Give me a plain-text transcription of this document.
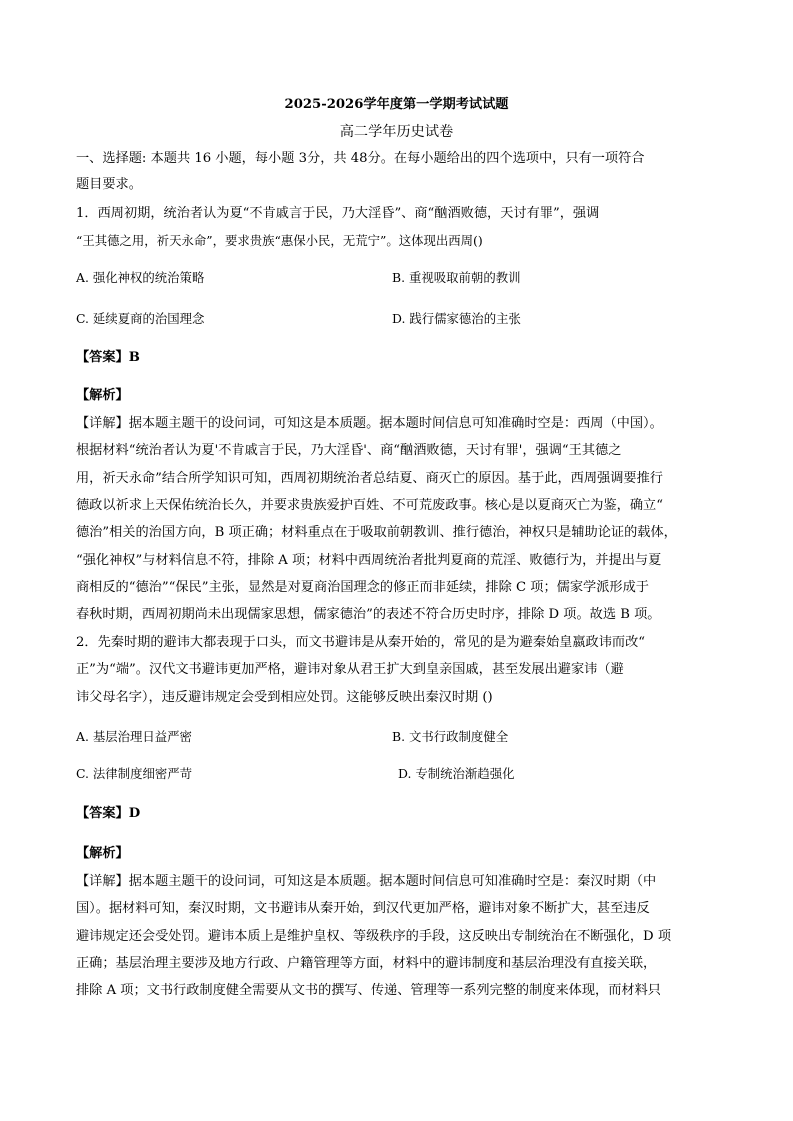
2025-2026学年度第一学期考试试题
高二学年历史试卷
一、选择题: 本题共 16 小题，每小题 3分，共 48分。在每小题给出的四个选项中，只有一项符合
题目要求。
1．西周初期，统治者认为夏“不肯戚言于民，乃大淫昏”、商“酗酒败德，天讨有罪”，强调
“王其德之用，祈天永命”，要求贵族“惠保小民，无荒宁”。这体现出西周()
A. 强化神权的统治策略	B. 重视吸取前朝的教训
C. 延续夏商的治国理念	D. 践行儒家德治的主张
【答案】B
【解析】
【详解】据本题主题干的设问词，可知这是本质题。据本题时间信息可知准确时空是：西周（中国）。
根据材料“统治者认为夏'不肯戚言于民，乃大淫昏'、商“酗酒败德，天讨有罪'，强调“王其德之
用，祈天永命”结合所学知识可知，西周初期统治者总结夏、商灭亡的原因。基于此，西周强调要推行
德政以祈求上天保佑统治长久，并要求贵族爱护百姓、不可荒废政事。核心是以夏商灭亡为鉴，确立“
德治”相关的治国方向，B 项正确；材料重点在于吸取前朝教训、推行德治，神权只是辅助论证的载体，
“强化神权”与材料信息不符，排除 A 项；材料中西周统治者批判夏商的荒淫、败德行为，并提出与夏
商相反的“德治”“保民”主张，显然是对夏商治国理念的修正而非延续，排除 C 项；儒家学派形成于
春秋时期，西周初期尚未出现儒家思想，儒家德治”的表述不符合历史时序，排除 D 项。故选 B 项。
2．先秦时期的避讳大都表现于口头，而文书避讳是从秦开始的，常见的是为避秦始皇嬴政讳而改“
正”为“端”。汉代文书避讳更加严格，避讳对象从君王扩大到皇亲国戚，甚至发展出避家讳（避
讳父母名字），违反避讳规定会受到相应处罚。这能够反映出秦汉时期 ()
A. 基层治理日益严密	B. 文书行政制度健全
C. 法律制度细密严苛	D. 专制统治渐趋强化
【答案】D
【解析】
【详解】据本题主题干的设问词，可知这是本质题。据本题时间信息可知准确时空是：秦汉时期（中
国）。据材料可知，秦汉时期，文书避讳从秦开始，到汉代更加严格，避讳对象不断扩大，甚至违反
避讳规定还会受处罚。避讳本质上是维护皇权、等级秩序的手段，这反映出专制统治在不断强化，D 项
正确；基层治理主要涉及地方行政、户籍管理等方面，材料中的避讳制度和基层治理没有直接关联，
排除 A 项；文书行政制度健全需要从文书的撰写、传递、管理等一系列完整的制度来体现，而材料只
